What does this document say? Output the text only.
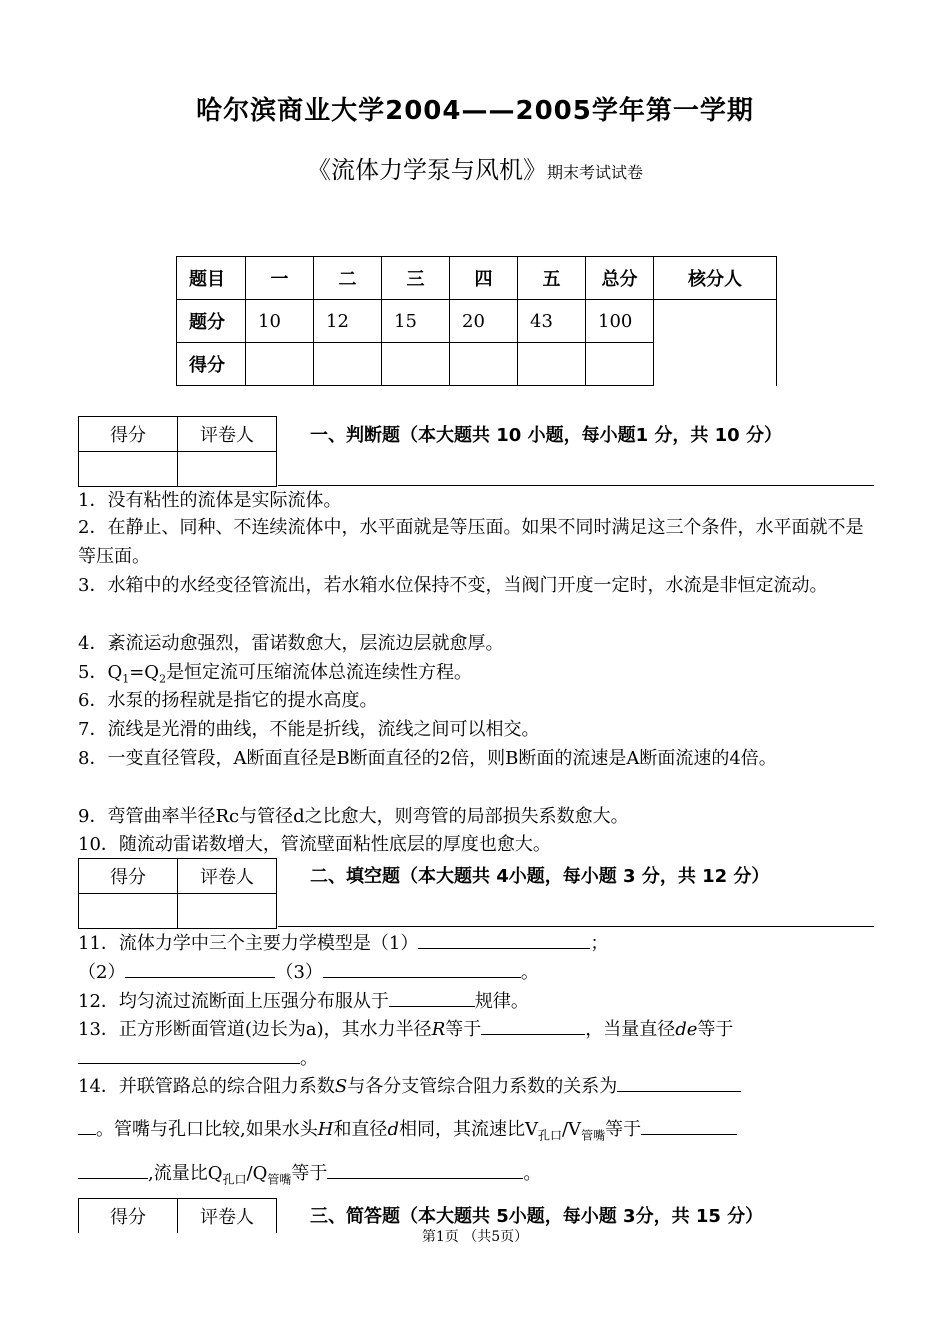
哈尔滨商业大学2004——2005学年第一学期
《流体力学泵与风机》期末考试试卷
题目	一	二	三	四	五	总分	核分人
题分	10	12	15	20	43	100	
得分							
得分	评卷人
		一、判断题（本大题共 10 小题，每小题1 分，共 10 分）
1．没有粘性的流体是实际流体。
2．在静止、同种、不连续流体中，水平面就是等压面。如果不同时满足这三个条件，水平面就不是等压面。
3．水箱中的水经变径管流出，若水箱水位保持不变，当阀门开度一定时，水流是非恒定流动。
4．紊流运动愈强烈，雷诺数愈大，层流边层就愈厚。
5．$Q_1=Q_2$是恒定流可压缩流体总流连续性方程。
6．水泵的扬程就是指它的提水高度。
7．流线是光滑的曲线，不能是折线，流线之间可以相交。
8．一变直径管段，A断面直径是B断面直径的2倍，则B断面的流速是A断面流速的4倍。
9．弯管曲率半径Rc与管径d之比愈大，则弯管的局部损失系数愈大。
10．随流动雷诺数增大，管流壁面粘性底层的厚度也愈大。
得分	评卷人
		二、填空题（本大题共 4小题，每小题 3 分，共 12 分）
11．流体力学中三个主要力学模型是（1）	；
（2）	（3）	。
12．均匀流过流断面上压强分布服从于	规律。
13．正方形断面管道(边长为a)，其水力半径R等于	，当量直径de等于
。
14．并联管路总的综合阻力系数S与各分支管综合阻力系数的关系为
。管嘴与孔口比较,如果水头H和直径d相同，其流速比$V_{孔口}/V_{管嘴}$等于
,流量比$Q_{孔口}/Q_{管嘴}$等于	。
得分	评卷人	三、简答题（本大题共 5小题，每小题 3分，共 15 分）
第1页 （共5页）
